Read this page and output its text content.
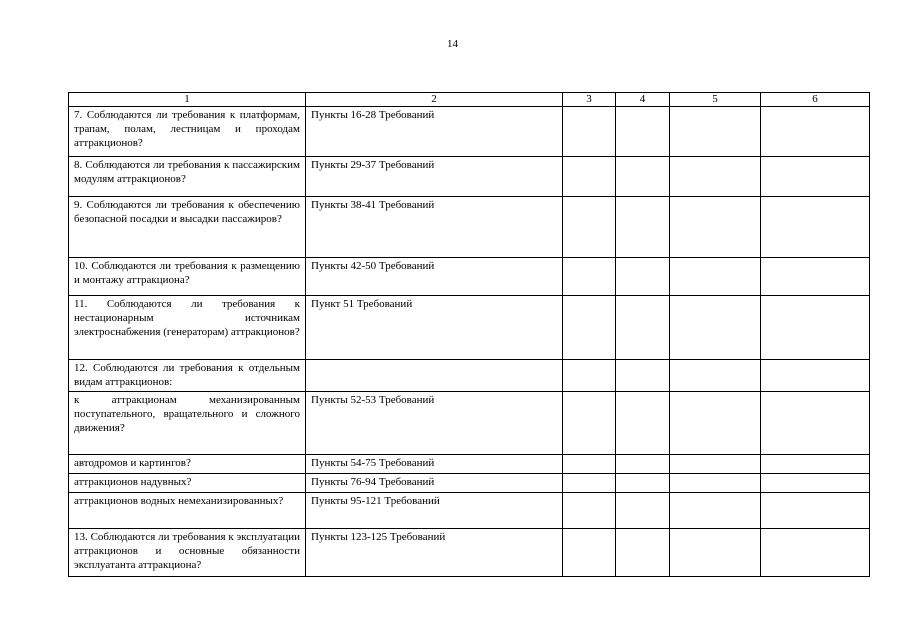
14
1	2	3	4	5	6
7. Соблюдаются ли требования к платформам, трапам, полам, лестницам и проходам аттракционов?	Пункты 16-28 Требований				
8. Соблюдаются ли требования к пассажирским модулям аттракционов?	Пункты 29-37 Требований				
9. Соблюдаются ли требования к обеспечению безопасной посадки и высадки пассажиров?	Пункты 38-41 Требований				
10. Соблюдаются ли требования к размещению и монтажу аттракциона?	Пункты 42-50 Требований				
11. Соблюдаются ли требования к нестационарным источникам электроснабжения (генераторам) аттракционов?	Пункт 51 Требований				
12. Соблюдаются ли требования к отдельным видам аттракционов:					
к аттракционам механизированным поступательного, вращательного и сложного движения?	Пункты 52-53 Требований				
автодромов и картингов?	Пункты 54-75 Требований				
аттракционов надувных?	Пункты 76-94 Требований				
аттракционов водных немеханизированных?	Пункты 95-121 Требований				
13. Соблюдаются ли требования к эксплуатации аттракционов и основные обязанности эксплуатанта аттракциона?	Пункты 123-125 Требований				
